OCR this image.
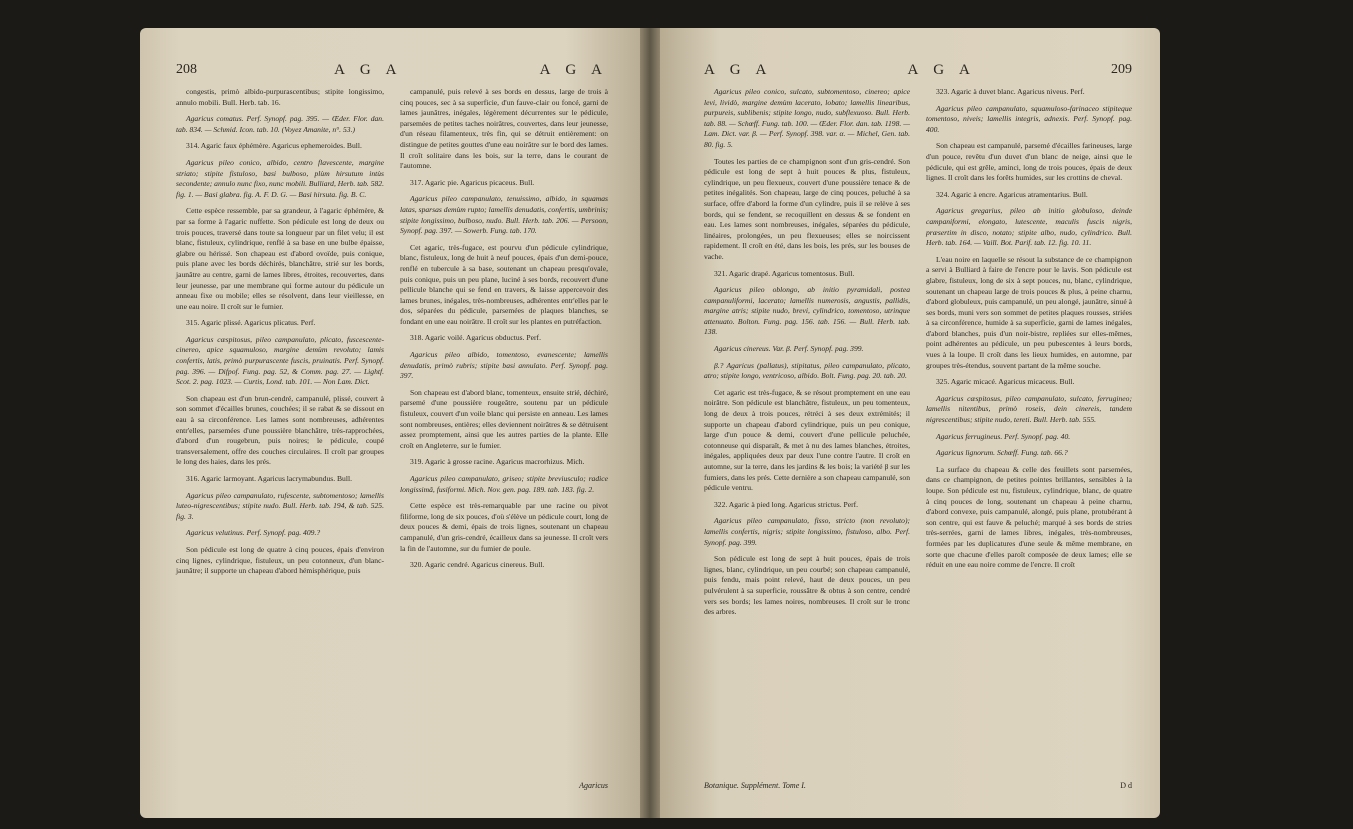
208	A G A	A G A

congestis, primò albido-purpurascentibus; stipite longissimo, annulo mobili. Bull. Herb. tab. 16.

Agaricus comatus. Perf. Synopf. pag. 395. — Œder. Flor. dan. tab. 834. — Schmid. Icon. tab. 10. (Voyez Amanite, n°. 53.)

314. Agaric faux éphémère. Agaricus ephemeroides. Bull.

Agaricus pileo conico, albido, centro flavescente, margine striato; stipite fistuloso, basi bulboso, plùm hirsutum intùs secondente; annulo nunc fixo, nunc mobili. Bulliard, Herb. tab. 582. fig. 1. — Basi glabra. fig. A. F. D. G. — Basi hirsuta. fig. B. C.

Cette espèce ressemble, par sa grandeur, à l'agaric éphémère, & par sa forme à l'agaric nuffette. Son pédicule est long de deux ou trois pouces, traversé dans toute sa longueur par un filet velu; il est blanc, fistuleux, cylindrique, renflé à sa base en une bulbe épaisse, glabre ou hérissé. Son chapeau est d'abord ovoïde, puis conique, puis plane avec les bords déchirés, blanchâtre, strié sur les bords, jaunâtre au centre, garni de lames libres, étroites, recouvertes, dans leur jeunesse, par une membrane qui forme autour du pédicule un anneau fixe ou mobile; elles se résolvent, dans leur vieillesse, en une eau noire. Il croît sur le fumier.

315. Agaric plissé. Agaricus plicatus. Perf.

Agaricus cæspitosus, pileo campanulato, plicato, fuscescente-cinereo, apice squamuloso, margine demùm revoluto; lamis confertis, latis, primò purpurascente fuscis, pruinatis. Perf. Synopf. pag. 396. — Difpof. Fung. pag. 52, & Comm. pag. 27. — Lightf. Scot. 2. pag. 1023. — Curtis, Lond. tab. 101. — Non Lam. Dict.

Son chapeau est d'un brun-cendré, campanulé, plissé, couvert à son sommet d'écailles brunes, couchées; il se rabat & se dissout en eau à sa circonférence. Les lames sont nombreuses, adhérentes entr'elles, parsemées d'une poussière blanchâtre, très-rapprochées, d'abord d'un rougebrun, puis noires; le pédicule, coupé transversalement, offre des couches circulaires. Il croît par groupes le long des haies, dans les prés.

316. Agaric larmoyant. Agaricus lacrymabundus. Bull.

Agaricus pileo campanulato, rufescente, subtomentoso; lamellis luteo-nigrescentibus; stipite nudo. Bull. Herb. tab. 194, & tab. 525. fig. 3.

Agaricus velutinus. Perf. Synopf. pag. 409.?

Son pédicule est long de quatre à cinq pouces, épais d'environ cinq lignes, cylindrique, fistuleux, un peu cotonneux, d'un blanc-jaunâtre; il supporte un chapeau d'abord hémisphérique, puis

campanulé, puis relevé à ses bords en dessus, large de trois à cinq pouces, sec à sa superficie, d'un fauve-clair ou foncé, garni de lames jaunâtres, inégales, légèrement décurrentes sur le pédicule, parsemées de petites taches noirâtres, couvertes, dans leur jeunesse, d'un réseau filamenteux, très fin, qui se détruit entièrement: on distingue de petites gouttes d'une eau noirâtre sur le bord des lames. Il croît solitaire dans les bois, sur la terre, dans le courant de l'automne.

317. Agaric pie. Agaricus picaceus. Bull.

Agaricus pileo campanulato, tenuissimo, albido, in squamas latas, sparsas demùm rupto; lamellis denudatis, confertis, umbrinis; stipite longissimo, bulboso, nudo. Bull. Herb. tab. 206. — Persoon, Synopf. pag. 397. — Sowerb. Fung. tab. 170.

Cet agaric, très-fugace, est pourvu d'un pédicule cylindrique, blanc, fistuleux, long de huit à neuf pouces, épais d'un demi-pouce, renflé en tubercule à sa base, soutenant un chapeau presqu'ovale, puis conique, puis un peu plane, luciné à ses bords, recouvert d'une pellicule blanche qui se fend en travers, & laisse appercevoir des lames brunes, inégales, très-nombreuses, adhérentes entr'elles par le dos, séparées du pédicule, parsemées de plaques blanches, se fondant en une eau noirâtre. Il croît sur les plantes en putréfaction.

318. Agaric voilé. Agaricus obductus. Perf.

Agaricus pileo albido, tomentoso, evanescente; lamellis denudatis, primò rubris; stipite basi annulato. Perf. Synopf. pag. 397.

Son chapeau est d'abord blanc, tomenteux, ensuite strié, déchiré, parsemé d'une poussière rougeâtre, soutenu par un pédicule fistuleux, couvert d'un voile blanc qui persiste en anneau. Les lames sont nombreuses, entières; elles deviennent noirâtres & se détruisent assez promptement, ainsi que les autres parties de la plante. Elle croît en Angleterre, sur le fumier.

319. Agaric à grosse racine. Agaricus macrorhizus. Mich.

Agaricus pileo campanulato, griseo; stipite breviusculo; radice longissimâ, fusiformi. Mich. Nov. gen. pag. 189. tab. 183. fig. 2.

Cette espèce est très-remarquable par une racine ou pivot filiforme, long de six pouces, d'où s'élève un pédicule court, long de deux pouces & demi, épais de trois lignes, soutenant un chapeau campanulé, d'un gris-cendré, écailleux dans sa jeunesse. Il croît vers la fin de l'automne, sur du fumier de poule.

320. Agaric cendré. Agaricus cinereus. Bull.

Agaricus
A G A	A G A	209

Agaricus pileo conico, sulcato, subtomentoso, cinereo; apice levi, lividò, margine demùm lacerato, lobato; lamellis linearibus, purpureis, sublibenis; stipite longo, nudo, subflexuoso. Bull. Herb. tab. 88. — Schœff. Fung. tab. 100. — Œder. Flor. dan. tab. 1198. — Lam. Dict. var. β. — Perf. Synopf. 398. var. α. — Michel, Gen. tab. 80. fig. 5.

Toutes les parties de ce champignon sont d'un gris-cendré. Son pédicule est long de sept à huit pouces & plus, fistuleux, cylindrique, un peu flexueux, couvert d'une poussière tenace & de petites inégalités. Son chapeau, large de cinq pouces, peluché à sa surface, offre d'abord la forme d'un cylindre, puis il se relève à ses bords, qui se fendent, se recoquillent en dessus & se fondent en eau. Les lames sont nombreuses, inégales, séparées du pédicule, linéaires, prolongées, un peu flexueuses; elles se noircissent rapidement. Il croît en été, dans les bois, les prés, sur les bouses de vache.

321. Agaric drapé. Agaricus tomentosus. Bull.

Agaricus pileo oblongo, ab initio pyramidali, postea campanuliformi, lacerato; lamellis numerosis, angustis, pallidis, margine atris; stipite nudo, brevi, cylindrico, tomentoso, utrinque attenuato. Bolton. Fung. pag. 156. tab. 156. — Bull. Herb. tab. 138.

Agaricus cinereus. Var. β. Perf. Synopf. pag. 399.

β.? Agaricus (pallatus), stipitatus, pileo campanulato, plicato, atro; stipite longo, ventricoso, albido. Bolt. Fung. pag. 20. tab. 20.

Cet agaric est très-fugace, & se résout promptement en une eau noirâtre. Son pédicule est blanchâtre, fistuleux, un peu tomenteux, long de deux à trois pouces, rétréci à ses deux extrémités; il supporte un chapeau d'abord cylindrique, puis un peu conique, large d'un pouce & demi, couvert d'une pellicule peluchée, cotonneuse qui disparaît, & met à nu des lames blanches, étroites, inégales, appliquées deux par deux l'une contre l'autre. Il croît en automne, sur la terre, dans les jardins & les bois; la variété β sur les fumiers, dans les prés. Cette dernière a son chapeau campanulé, son pédicule ventru.

322. Agaric à pied long. Agaricus strictus. Perf.

Agaricus pileo campanulato, fisso, stricto (non revoluto); lamellis confertis, nigris; stipite longissimo, fistuloso, albo. Perf. Synopf. pag. 399.

Son pédicule est long de sept à huit pouces, épais de trois lignes, blanc, cylindrique, un peu courbé; son chapeau campanulé, puis fendu, mais point relevé, haut de deux pouces, un peu pulvérulent à sa superficie, roussâtre & obtus à son centre, cendré vers ses bords; les lames noires, nombreuses. Il croît sur le tronc des arbres.

323. Agaric à duvet blanc. Agaricus niveus. Perf.

Agaricus pileo campanulato, squamuloso-farinaceo stipiteque tomentoso, niveis; lamellis integris, adnexis. Perf. Synopf. pag. 400.

Son chapeau est campanulé, parsemé d'écailles farineuses, large d'un pouce, revêtu d'un duvet d'un blanc de neige, ainsi que le pédicule, qui est grêle, aminci, long de trois pouces, épais de deux lignes. Il croît dans les forêts humides, sur les crottins de cheval.

324. Agaric à encre. Agaricus atramentarius. Bull.

Agaricus gregarius, pileo ab initio globuloso, deinde campaniformi, elongato, lutescente, maculis fuscis nigris, præsertim in disco, notato; stipite albo, nudo, cylindrico. Bull. Herb. tab. 164. — Vaill. Bot. Parif. tab. 12. fig. 10. 11.

L'eau noire en laquelle se résout la substance de ce champignon a servi à Bulliard à faire de l'encre pour le lavis. Son pédicule est glabre, fistuleux, long de six à sept pouces, nu, blanc, cylindrique, soutenant un chapeau large de trois pouces & plus, à peine charnu, d'abord globuleux, puis campanulé, un peu alongé, jaunâtre, sinué à ses bords, muni vers son sommet de petites plaques rousses, striées à sa circonférence, humide à sa superficie, garni de lames inégales, d'abord blanches, puis d'un noir-bistre, repliées sur elles-mêmes, point adhérentes au pédicule, un peu pubescentes à leurs bords, vues à la loupe. Il croît dans les lieux humides, en automne, par groupes très-étendus, souvent partant de la même souche.

325. Agaric micacé. Agaricus micaceus. Bull.

Agaricus cæspitosus, pileo campanulato, sulcato, ferrugineo; lamellis nitentibus, primò roseis, dein cinereis, tandem nigrescentibus; stipite nudo, tereti. Bull. Herb. tab. 555.

Agaricus ferrugineus. Perf. Synopf. pag. 40.

Agaricus lignorum. Schœff. Fung. tab. 66.?

La surface du chapeau & celle des feuillets sont parsemées, dans ce champignon, de petites pointes brillantes, sensibles à la loupe. Son pédicule est nu, fistuleux, cylindrique, blanc, de quatre à cinq pouces de long, soutenant un chapeau à peine charnu, d'abord convexe, puis campanulé, alongé, puis plane, protubérant à son centre, qui est fauve & peluché; marqué à ses bords de stries très-serrées, garni de lames libres, inégales, très-nombreuses, formées par les duplicatures d'une seule & même membrane, en sorte que chacune d'elles paroît composée de deux lames; elle se réduit en une eau noire comme de l'encre. Il croît

Botanique. Supplément. Tome I.	D d
